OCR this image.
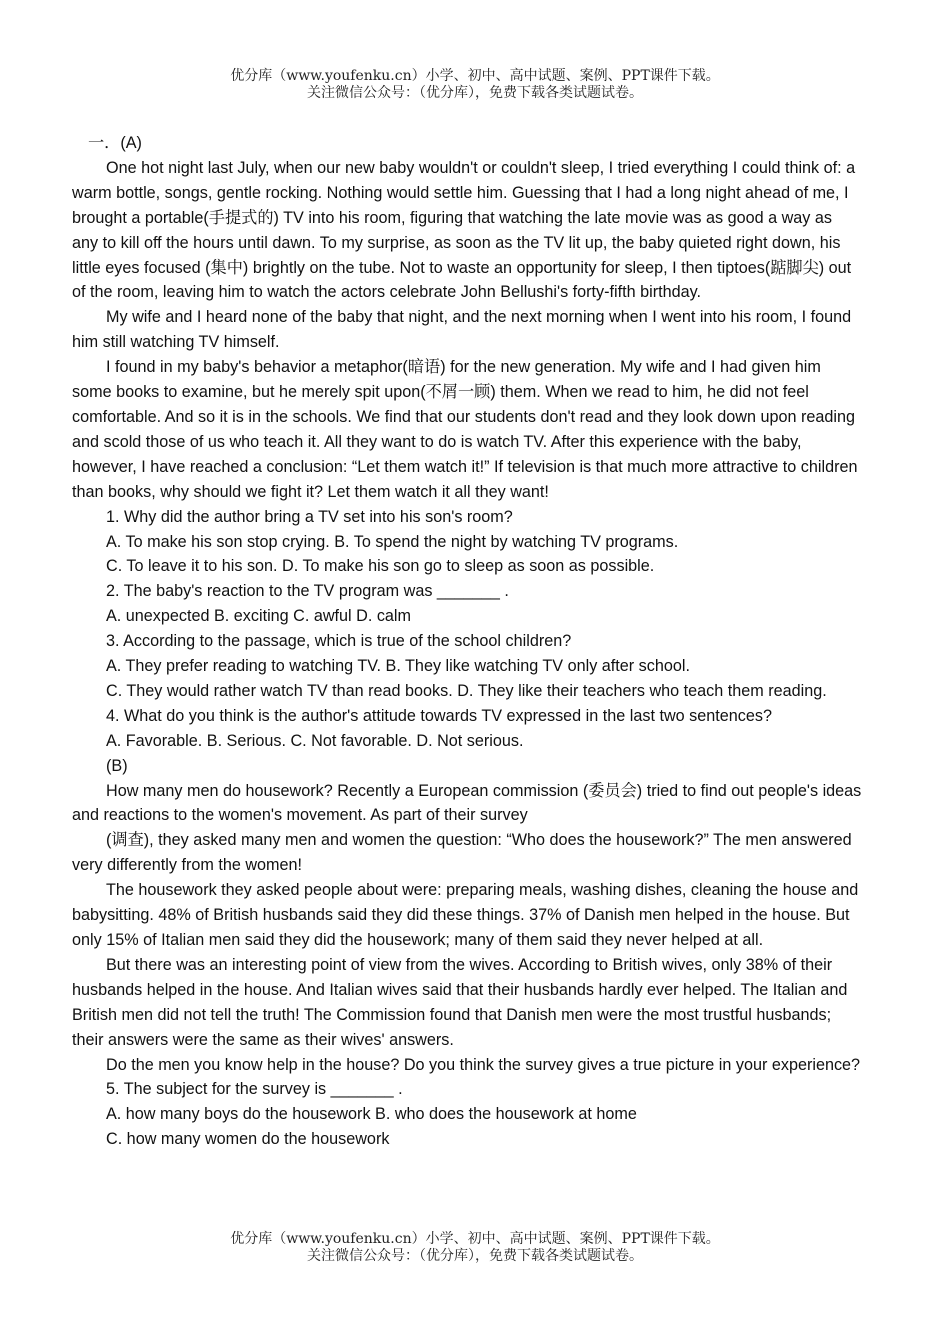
优分库（www.youfenku.cn）小学、初中、高中试题、案例、PPT课件下载。
关注微信公众号：（优分库），免费下载各类试题试卷。

一．(A)

One hot night last July, when our new baby wouldn't or couldn't sleep, I tried everything I could think of: a warm bottle, songs, gentle rocking. Nothing would settle him. Guessing that I had a long night ahead of me, I brought a portable(手提式的) TV into his room, figuring that watching the late movie was as good a way as any to kill off the hours until dawn. To my surprise, as soon as the TV lit up, the baby quieted right down, his little eyes focused (集中) brightly on the tube. Not to waste an opportunity for sleep, I then tiptoes(踮脚尖) out of the room, leaving him to watch the actors celebrate John Bellushi's forty-fifth birthday.

My wife and I heard none of the baby that night, and the next morning when I went into his room, I found him still watching TV himself.

I found in my baby's behavior a metaphor(暗语) for the new generation. My wife and I had given him some books to examine, but he merely spit upon(不屑一顾) them. When we read to him, he did not feel comfortable. And so it is in the schools. We find that our students don't read and they look down upon reading and scold those of us who teach it. All they want to do is watch TV. After this experience with the baby, however, I have reached a conclusion: “Let them watch it!” If television is that much more attractive to children than books, why should we fight it? Let them watch it all they want!

1. Why did the author bring a TV set into his son's room?

A. To make his son stop crying. B. To spend the night by watching TV programs.

C. To leave it to his son. D. To make his son go to sleep as soon as possible.

2. The baby's reaction to the TV program was _______ .

A. unexpected B. exciting C. awful D. calm

3. According to the passage, which is true of the school children?

A. They prefer reading to watching TV. B. They like watching TV only after school.

C. They would rather watch TV than read books. D. They like their teachers who teach them reading.

4. What do you think is the author's attitude towards TV expressed in the last two sentences?

A. Favorable. B. Serious. C. Not favorable. D. Not serious.

(B)

How many men do housework? Recently a European commission (委员会) tried to find out people's ideas and reactions to the women's movement. As part of their survey

(调查), they asked many men and women the question: “Who does the housework?” The men answered very differently from the women!

The housework they asked people about were: preparing meals, washing dishes, cleaning the house and babysitting. 48% of British husbands said they did these things. 37% of Danish men helped in the house. But only 15% of Italian men said they did the housework; many of them said they never helped at all.

But there was an interesting point of view from the wives. According to British wives, only 38% of their husbands helped in the house. And Italian wives said that their husbands hardly ever helped. The Italian and British men did not tell the truth! The Commission found that Danish men were the most trustful husbands; their answers were the same as their wives' answers.

Do the men you know help in the house? Do you think the survey gives a true picture in your experience?

5. The subject for the survey is _______ .

A. how many boys do the housework B. who does the housework at home

C. how many women do the housework

优分库（www.youfenku.cn）小学、初中、高中试题、案例、PPT课件下载。
关注微信公众号：（优分库），免费下载各类试题试卷。
